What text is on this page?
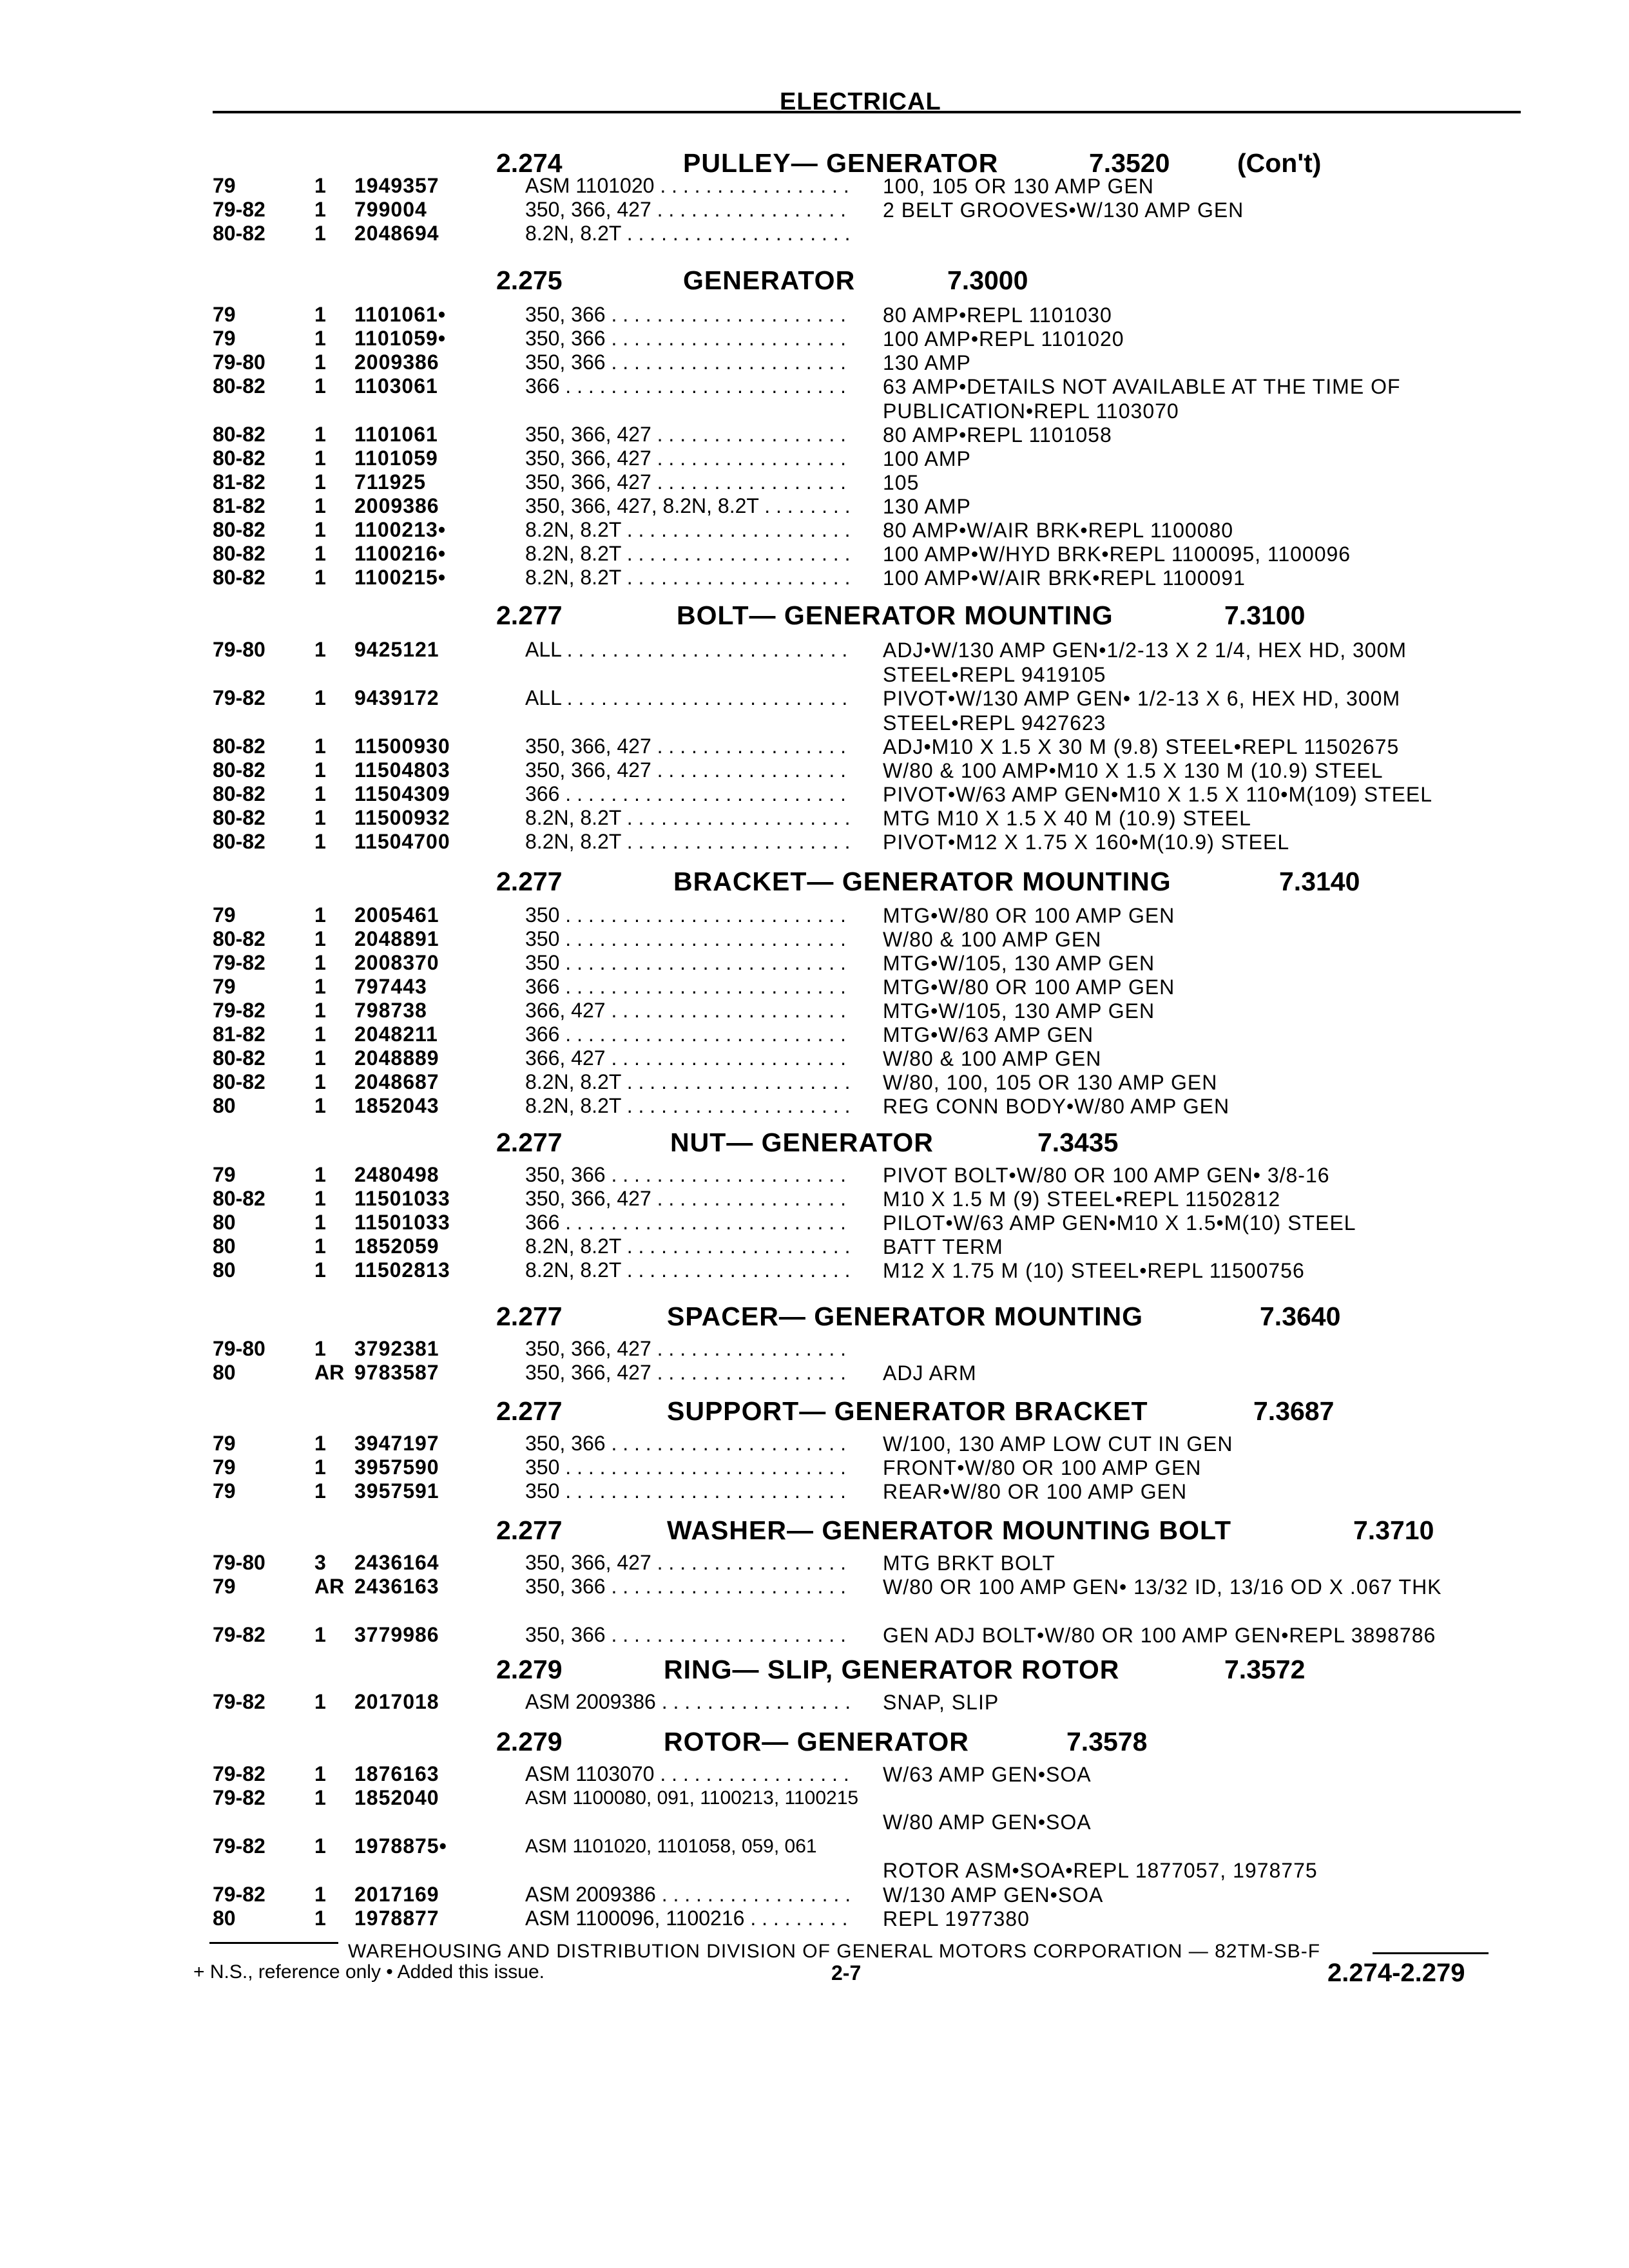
ELECTRICAL
2.274	PULLEY— GENERATOR	7.3520	(Con't)
79	1 1949357	ASM 1101020 . . .	100, 105 OR 130 AMP GEN
79-82 1 799004	350, 366, 427 . . .	2 BELT GROOVES•W/130 AMP GEN
80-82 1 2048694	8.2N, 8.2T . . .
2.275	GENERATOR	7.3000
79	1 1101061•	350, 366 . . .	80 AMP•REPL 1101030
79	1 1101059•	350, 366 . . .	100 AMP•REPL 1101020
79-80 1 2009386	350, 366 . . .	130 AMP
80-82 1 1103061	366 . . .	63 AMP•DETAILS NOT AVAILABLE AT THE TIME OF PUBLICATION•REPL 1103070
80-82 1 1101061	350, 366, 427 . . .	80 AMP•REPL 1101058
80-82 1 1101059	350, 366, 427 . . .	100 AMP
81-82 1 711925	350, 366, 427 . . .	105
81-82 1 2009386	350, 366, 427, 8.2N, 8.2T . . .	130 AMP
80-82 1 1100213•	8.2N, 8.2T . . .	80 AMP•W/AIR BRK•REPL 1100080
80-82 1 1100216•	8.2N, 8.2T . . .	100 AMP•W/HYD BRK•REPL 1100095, 1100096
80-82 1 1100215•	8.2N, 8.2T . . .	100 AMP•W/AIR BRK•REPL 1100091
2.277	BOLT— GENERATOR MOUNTING	7.3100
79-80 1 9425121	ALL . . .	ADJ•W/130 AMP GEN•1/2-13 X 2 1/4, HEX HD, 300M STEEL•REPL 9419105
79-82 1 9439172	ALL . . .	PIVOT•W/130 AMP GEN• 1/2-13 X 6, HEX HD, 300M STEEL•REPL 9427623
80-82 1 11500930	350, 366, 427 . . .	ADJ•M10 X 1.5 X 30 M (9.8) STEEL•REPL 11502675
80-82 1 11504803	350, 366, 427 . . .	W/80 & 100 AMP•M10 X 1.5 X 130 M (10.9) STEEL
80-82 1 11504309	366 . . .	PIVOT•W/63 AMP GEN•M10 X 1.5 X 110•M(109) STEEL
80-82 1 11500932	8.2N, 8.2T . . .	MTG M10 X 1.5 X 40 M (10.9) STEEL
80-82 1 11504700	8.2N, 8.2T . . .	PIVOT•M12 X 1.75 X 160•M(10.9) STEEL
2.277	BRACKET— GENERATOR MOUNTING	7.3140
79	1 2005461	350 . . .	MTG•W/80 OR 100 AMP GEN
80-82 1 2048891	350 . . .	W/80 & 100 AMP GEN
79-82 1 2008370	350 . . .	MTG•W/105, 130 AMP GEN
79	1 797443	366 . . .	MTG•W/80 OR 100 AMP GEN
79-82 1 798738	366, 427 . . .	MTG•W/105, 130 AMP GEN
81-82 1 2048211	366 . . .	MTG•W/63 AMP GEN
80-82 1 2048889	366, 427 . . .	W/80 & 100 AMP GEN
80-82 1 2048687	8.2N, 8.2T . . .	W/80, 100, 105 OR 130 AMP GEN
80	1 1852043	8.2N, 8.2T . . .	REG CONN BODY•W/80 AMP GEN
2.277	NUT— GENERATOR	7.3435
79	1 2480498	350, 366 . . .	PIVOT BOLT•W/80 OR 100 AMP GEN• 3/8-16
80-82 1 11501033	350, 366, 427 . . .	M10 X 1.5 M (9) STEEL•REPL 11502812
80	1 11501033	366 . . .	PILOT•W/63 AMP GEN•M10 X 1.5•M(10) STEEL
80	1 1852059	8.2N, 8.2T . . .	BATT TERM
80	1 11502813	8.2N, 8.2T . . .	M12 X 1.75 M (10) STEEL•REPL 11500756
2.277	SPACER— GENERATOR MOUNTING	7.3640
79-80 1 3792381	350, 366, 427 . . .
80	AR 9783587	350, 366, 427 . . .	ADJ ARM
2.277	SUPPORT— GENERATOR BRACKET	7.3687
79	1 3947197	350, 366 . . .	W/100, 130 AMP LOW CUT IN GEN
79	1 3957590	350 . . .	FRONT•W/80 OR 100 AMP GEN
79	1 3957591	350 . . .	REAR•W/80 OR 100 AMP GEN
2.277	WASHER— GENERATOR MOUNTING BOLT	7.3710
79-80 3 2436164	350, 366, 427 . . .	MTG BRKT BOLT
79	AR 2436163	350, 366 . . .	W/80 OR 100 AMP GEN• 13/32 ID, 13/16 OD X .067 THK
79-82 1 3779986	350, 366 . . .	GEN ADJ BOLT•W/80 OR 100 AMP GEN•REPL 3898786
2.279	RING— SLIP, GENERATOR ROTOR	7.3572
79-82 1 2017018	ASM 2009386 . . .	SNAP, SLIP
2.279	ROTOR— GENERATOR	7.3578
79-82 1 1876163	ASM 1103070 . . .	W/63 AMP GEN•SOA
79-82 1 1852040	ASM 1100080, 091, 1100213, 1100215
W/80 AMP GEN•SOA
79-82 1 1978875•	ASM 1101020, 1101058, 059, 061
ROTOR ASM•SOA•REPL 1877057, 1978775
79-82 1 2017169	ASM 2009386 . . .	W/130 AMP GEN•SOA
80	1 1978877	ASM 1100096, 1100216 . . .	REPL 1977380
WAREHOUSING AND DISTRIBUTION DIVISION OF GENERAL MOTORS CORPORATION — 82TM-SB-F
+ N.S., reference only • Added this issue.	2-7	2.274-2.279
